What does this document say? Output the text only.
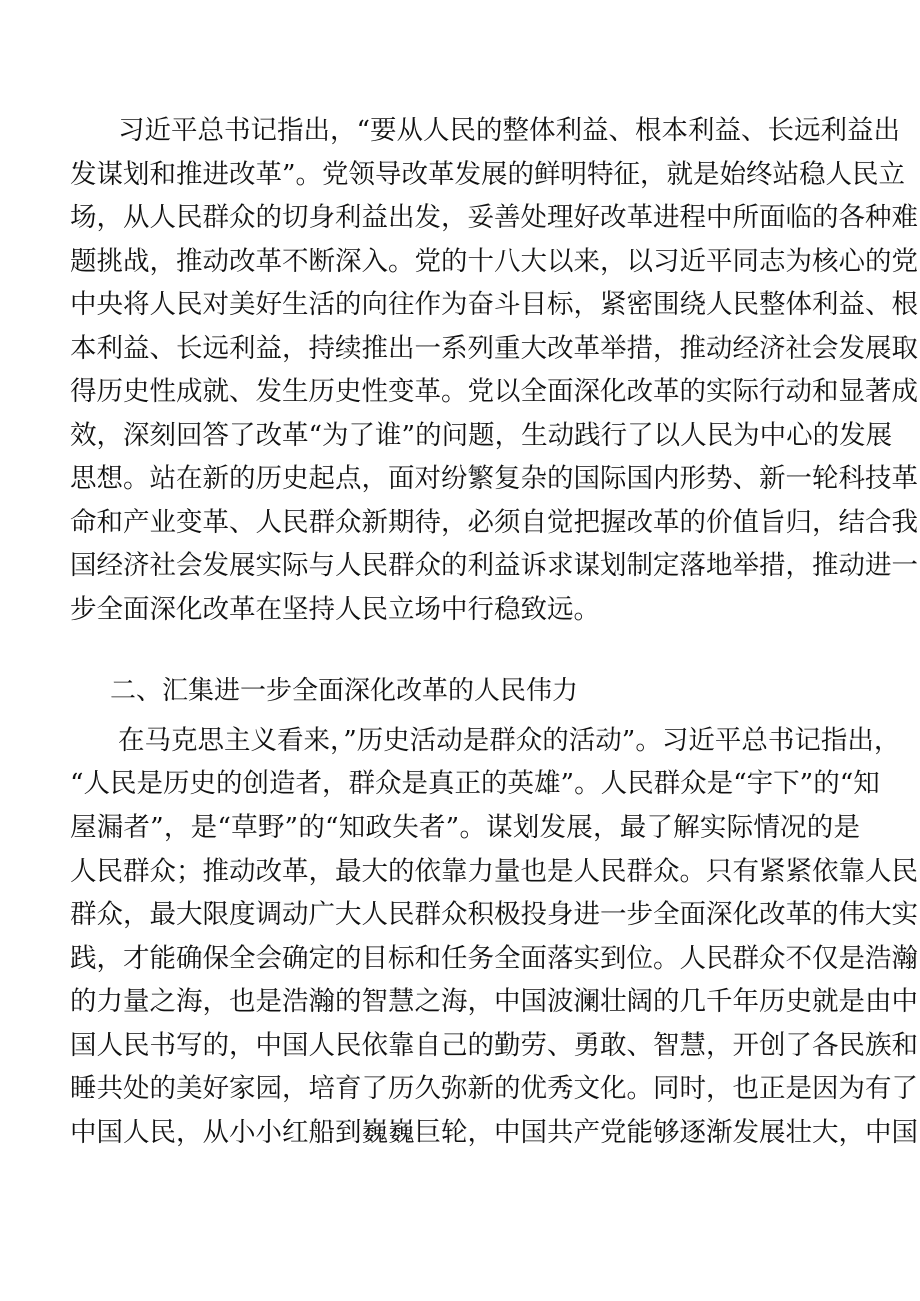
习近平总书记指出，“要从人民的整体利益、根本利益、长远利益出
发谋划和推进改革”。党领导改革发展的鲜明特征，就是始终站稳人民立
场，从人民群众的切身利益出发，妥善处理好改革进程中所面临的各种难
题挑战，推动改革不断深入。党的十八大以来，以习近平同志为核心的党
中央将人民对美好生活的向往作为奋斗目标，紧密围绕人民整体利益、根
本利益、长远利益，持续推出一系列重大改革举措，推动经济社会发展取
得历史性成就、发生历史性变革。党以全面深化改革的实际行动和显著成
效，深刻回答了改革“为了谁”的问题，生动践行了以人民为中心的发展
思想。站在新的历史起点，面对纷繁复杂的国际国内形势、新一轮科技革
命和产业变革、人民群众新期待，必须自觉把握改革的价值旨归，结合我
国经济社会发展实际与人民群众的利益诉求谋划制定落地举措，推动进一
步全面深化改革在坚持人民立场中行稳致远。
二、汇集进一步全面深化改革的人民伟力
在马克思主义看来，”历史活动是群众的活动”。习近平总书记指出，
“人民是历史的创造者，群众是真正的英雄”。人民群众是“宇下”的“知
屋漏者”，是“草野”的“知政失者”。谋划发展，最了解实际情况的是
人民群众；推动改革，最大的依靠力量也是人民群众。只有紧紧依靠人民
群众，最大限度调动广大人民群众积极投身进一步全面深化改革的伟大实
践，才能确保全会确定的目标和任务全面落实到位。人民群众不仅是浩瀚
的力量之海，也是浩瀚的智慧之海，中国波澜壮阔的几千年历史就是由中
国人民书写的，中国人民依靠自己的勤劳、勇敢、智慧，开创了各民族和
睡共处的美好家园，培育了历久弥新的优秀文化。同时，也正是因为有了
中国人民，从小小红船到巍巍巨轮，中国共产党能够逐渐发展壮大，中国
